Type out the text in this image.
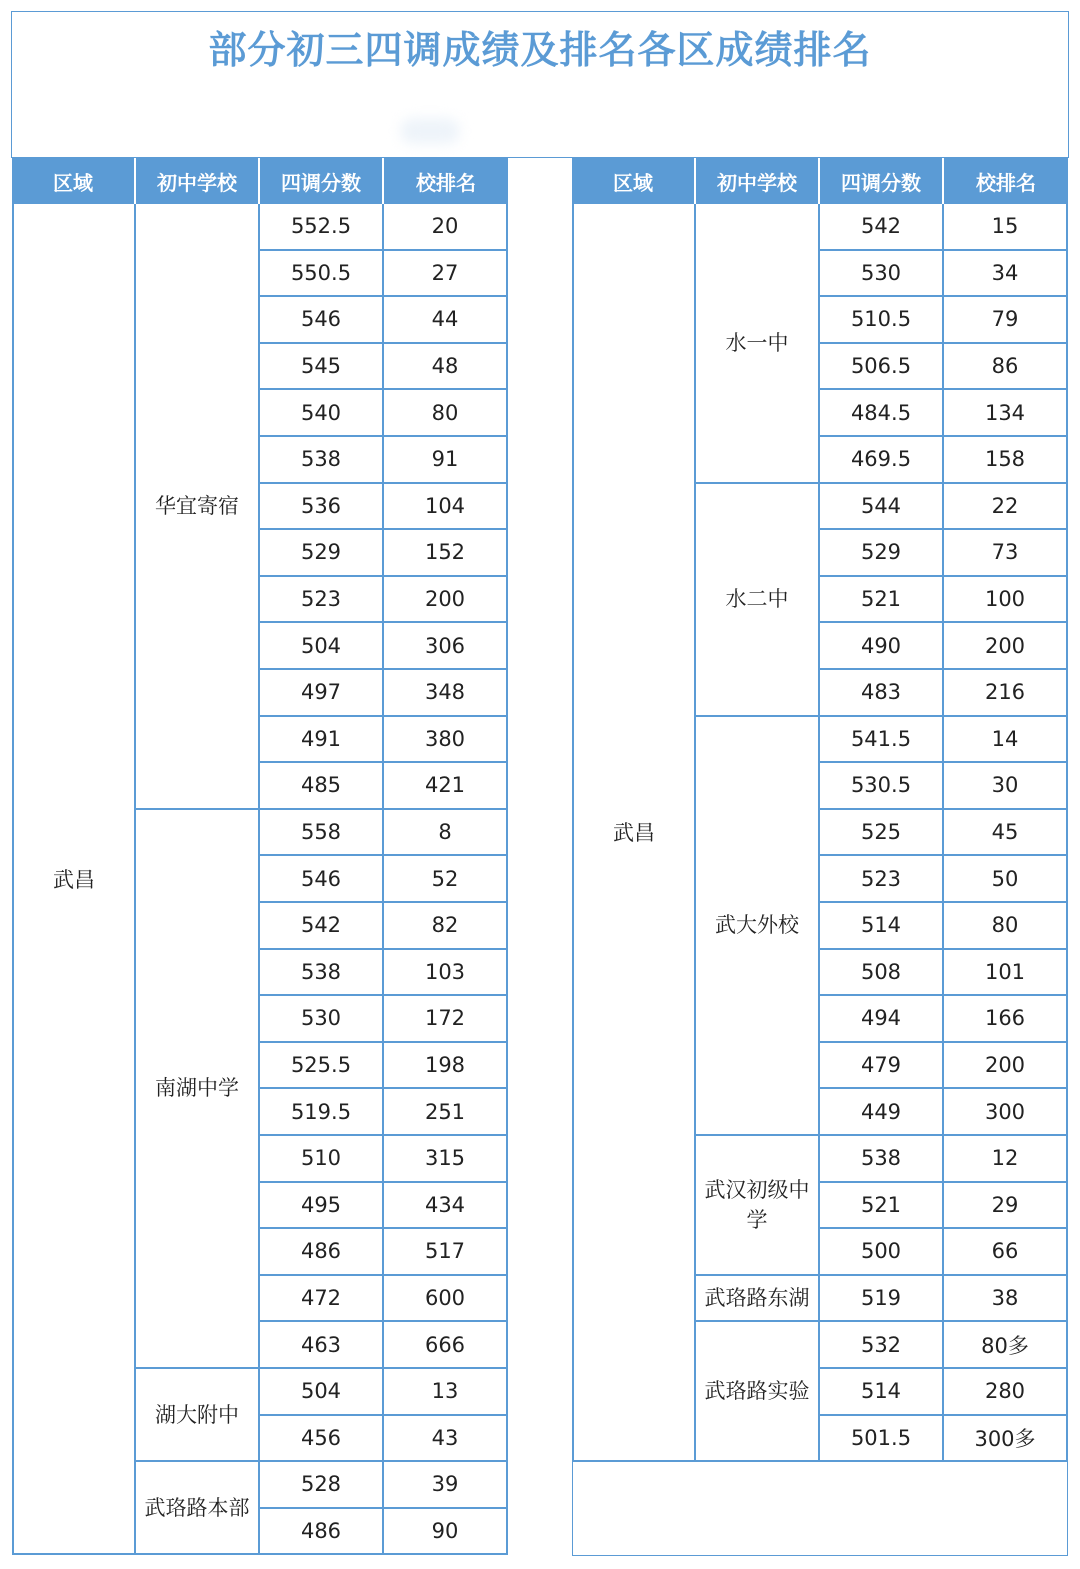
部分初三四调成绩及排名各区成绩排名
区域	初中学校	四调分数	校排名
武昌
华宜寄宿
552.5	20
550.5	27
546	44
545	48
540	80
538	91
536	104
529	152
523	200
504	306
497	348
491	380
485	421
南湖中学
558	8
546	52
542	82
538	103
530	172
525.5	198
519.5	251
510	315
495	434
486	517
472	600
463	666
湖大附中
504	13
456	43
武珞路本部
528	39
486	90
区域	初中学校	四调分数	校排名
武昌
水一中
542	15
530	34
510.5	79
506.5	86
484.5	134
469.5	158
水二中
544	22
529	73
521	100
490	200
483	216
武大外校
541.5	14
530.5	30
525	45
523	50
514	80
508	101
494	166
479	200
449	300
武汉初级中学
538	12
521	29
500	66
武珞路东湖	519	38
武珞路实验
532	80多
514	280
501.5	300多
